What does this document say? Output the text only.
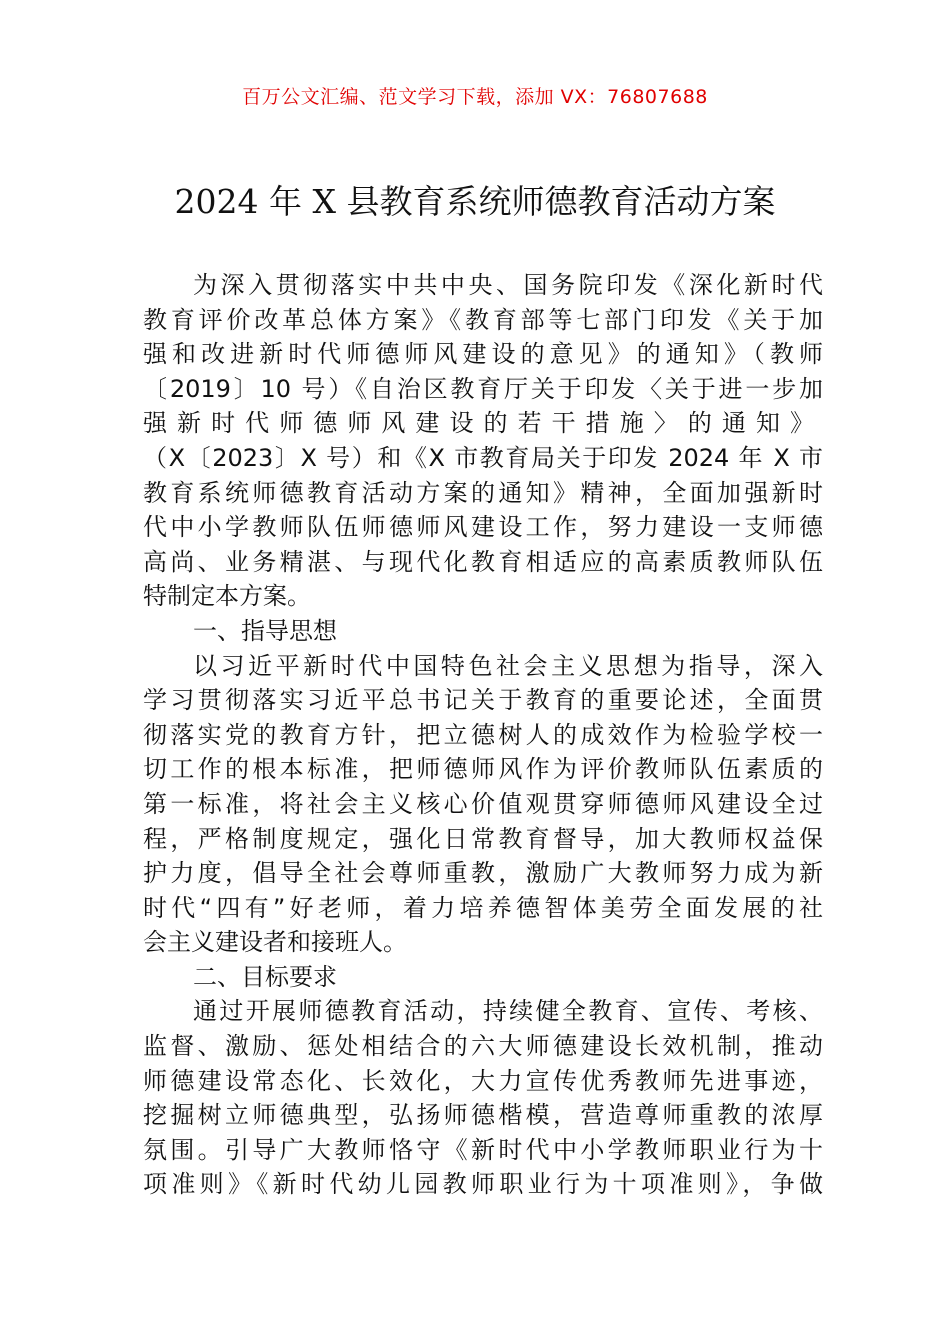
百万公文汇编、范文学习下载，添加 VX：76807688
2024 年 X 县教育系统师德教育活动方案
为深入贯彻落实中共中央、国务院印发《深化新时代
教育评价改革总体方案》《教育部等七部门印发《关于加
强和改进新时代师德师风建设的意见》的通知》（教师
〔2019〕10 号）《自治区教育厅关于印发〈关于进一步加
强新时代师德师风建设的若干措施〉的通知》
（X〔2023〕X 号）和《X 市教育局关于印发 2024 年 X 市
教育系统师德教育活动方案的通知》精神，全面加强新时
代中小学教师队伍师德师风建设工作，努力建设一支师德
高尚、业务精湛、与现代化教育相适应的高素质教师队伍
特制定本方案。
一、指导思想
以习近平新时代中国特色社会主义思想为指导，深入
学习贯彻落实习近平总书记关于教育的重要论述，全面贯
彻落实党的教育方针，把立德树人的成效作为检验学校一
切工作的根本标准，把师德师风作为评价教师队伍素质的
第一标准，将社会主义核心价值观贯穿师德师风建设全过
程，严格制度规定，强化日常教育督导，加大教师权益保
护力度，倡导全社会尊师重教，激励广大教师努力成为新
时代“四有”好老师，着力培养德智体美劳全面发展的社
会主义建设者和接班人。
二、目标要求
通过开展师德教育活动，持续健全教育、宣传、考核、
监督、激励、惩处相结合的六大师德建设长效机制，推动
师德建设常态化、长效化，大力宣传优秀教师先进事迹，
挖掘树立师德典型，弘扬师德楷模，营造尊师重教的浓厚
氛围。引导广大教师恪守《新时代中小学教师职业行为十
项准则》《新时代幼儿园教师职业行为十项准则》，争做
